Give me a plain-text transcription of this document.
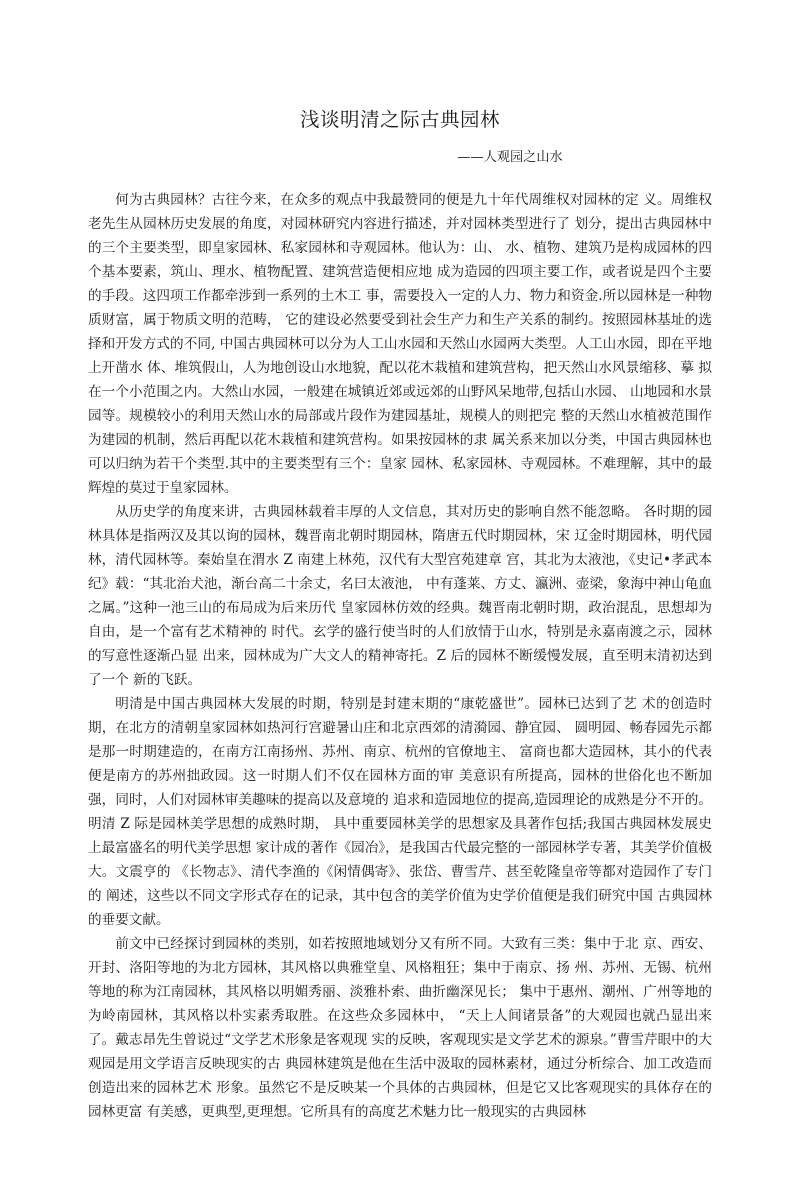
浅谈明清之际古典园林
——人观园之山水

何为古典园林？古往今来，在众多的观点中我最赞同的便是九十年代周维权对园林的定 义。周维权老先生从园林历史发展的角度，对园林研究内容进行描述，并对园林类型进行了 划分，提出古典园林中的三个主要类型，即皇家园林、私家园林和寺观园林。他认为：山、 水、植物、建筑乃是构成园林的四个基本要素，筑山、理水、植物配置、建筑营造便相应地 成为造园的四项主要工作，或者说是四个主要的手段。这四项工作都牵涉到一系列的土木工 事，需要投入一定的人力、物力和资金.所以园林是一种物质财富，属于物质文明的范畴， 它的建设必然要受到社会生产力和生产关系的制约。按照园林基址的选择和开发方式的不同, 中国古典园林可以分为人工山水园和天然山水园两大类型。人工山水园，即在平地上开凿水 体、堆筑假山，人为地创设山水地貌，配以花木栽植和建筑营构，把天然山水风景缩移、摹 拟在一个小范围之内。大然山水园，一般建在城镇近郊或远郊的山野风呆地带,包括山水园、 山地园和水景园等。规模较小的利用天然山水的局部或片段作为建园基址，规模人的则把完 整的天然山水植被范围作为建园的机制，然后再配以花木栽植和建筑营构。如果按园林的隶 属关系来加以分类，中国古典园林也可以归纳为若干个类型.其中的主要类型有三个：皇家 园林、私家园林、寺观园林。不难理解，其中的最辉煌的莫过于皇家园林。

从历史学的角度来讲，古典园林载着丰厚的人文信息，其对历史的影响自然不能忽略。 各时期的园林具体是指两汉及其以询的园林，魏晋南北朝时期园林，隋唐五代时期园林，宋 辽金时期园林，明代园林，清代园林等。秦始皇在渭水 Z 南建上林苑，汉代有大型宫苑建章 宫，其北为太液池，《史记•孝武本纪》载：“其北治犬池，渐台高二十余丈，名曰太液池， 中有蓬莱、方丈、瀛洲、壶梁，象海中神山龟血之属。”这种一池三山的布局成为后来历代 皇家园林仿效的经典。魏晋南北朝时期，政治混乱，思想却为自由，是一个富有艺术精神的 时代。玄学的盛行使当时的人们放情于山水，特别是永嘉南渡之示，园林的写意性逐渐凸显 出来，园林成为广大文人的精神寄托。Z 后的园林不断缓慢发展，直至明末清初达到了一个 新的飞跃。

明清是中国古典园林大发展的时期，特别是封建末期的“康乾盛世”。园林已达到了艺 术的创造时期，在北方的清朝皇家园林如热河行宫避暑山庄和北京西郊的清漪园、静宜园、 圆明园、畅春园先示都是那一时期建造的，在南方江南扬州、苏州、南京、杭州的官僚地主、 富商也都大造园林，其小的代表便是南方的苏州拙政园。这一时期人们不仅在园林方面的审 美意识有所提高，园林的世俗化也不断加强，同时，人们对园林审美趣味的提高以及意境的 追求和造园地位的提高,造园理论的成熟是分不开的。明清 Z 际是园林美学思想的成熟时期， 具中重要园林美学的思想家及具著作包括;我国古典园林发展史上最富盛名的明代美学思想 家计成的著作《园冶》，是我国古代最完整的一部园林学专著，其美学价值极大。文震亨的 《长物志》、清代李渔的《闲情偶寄》、张岱、曹雪芹、甚至乾隆皇帝等都对造园作了专门的 阐述，这些以不同文字形式存在的记录，其中包含的美学价值为史学价值便是我们研究中国 古典园林的垂要文献。

前文中已经探讨到园林的类别，如若按照地域划分又有所不同。大致有三类：集中于北 京、西安、开封、洛阳等地的为北方园林，其风格以典雅堂皇、风格粗狂；集中于南京、扬 州、苏州、无锡、杭州等地的称为江南园林，其风格以明媚秀丽、淡雅朴索、曲折幽深见长； 集中于惠州、潮州、广州等地的为岭南园林，其风格以朴实素秀取胜。在这些众多园林中， “天上人间诸景备”的大观园也就凸显出来了。戴志昂先生曾说过“文学艺术形象是客观现 实的反映，客观现实是文学艺术的源泉。”曹雪芹眼中的大观园是用文学语言反映现实的古 典园林建筑是他在生活中汲取的园林素材，通过分析综合、加工改造而创造出来的园林艺术 形象。虽然它不是反映某一个具体的古典园林，但是它又比客观现实的具体存在的园林更富 有美感，更典型,更理想。它所具有的高度艺术魅力比一般现实的古典园林
